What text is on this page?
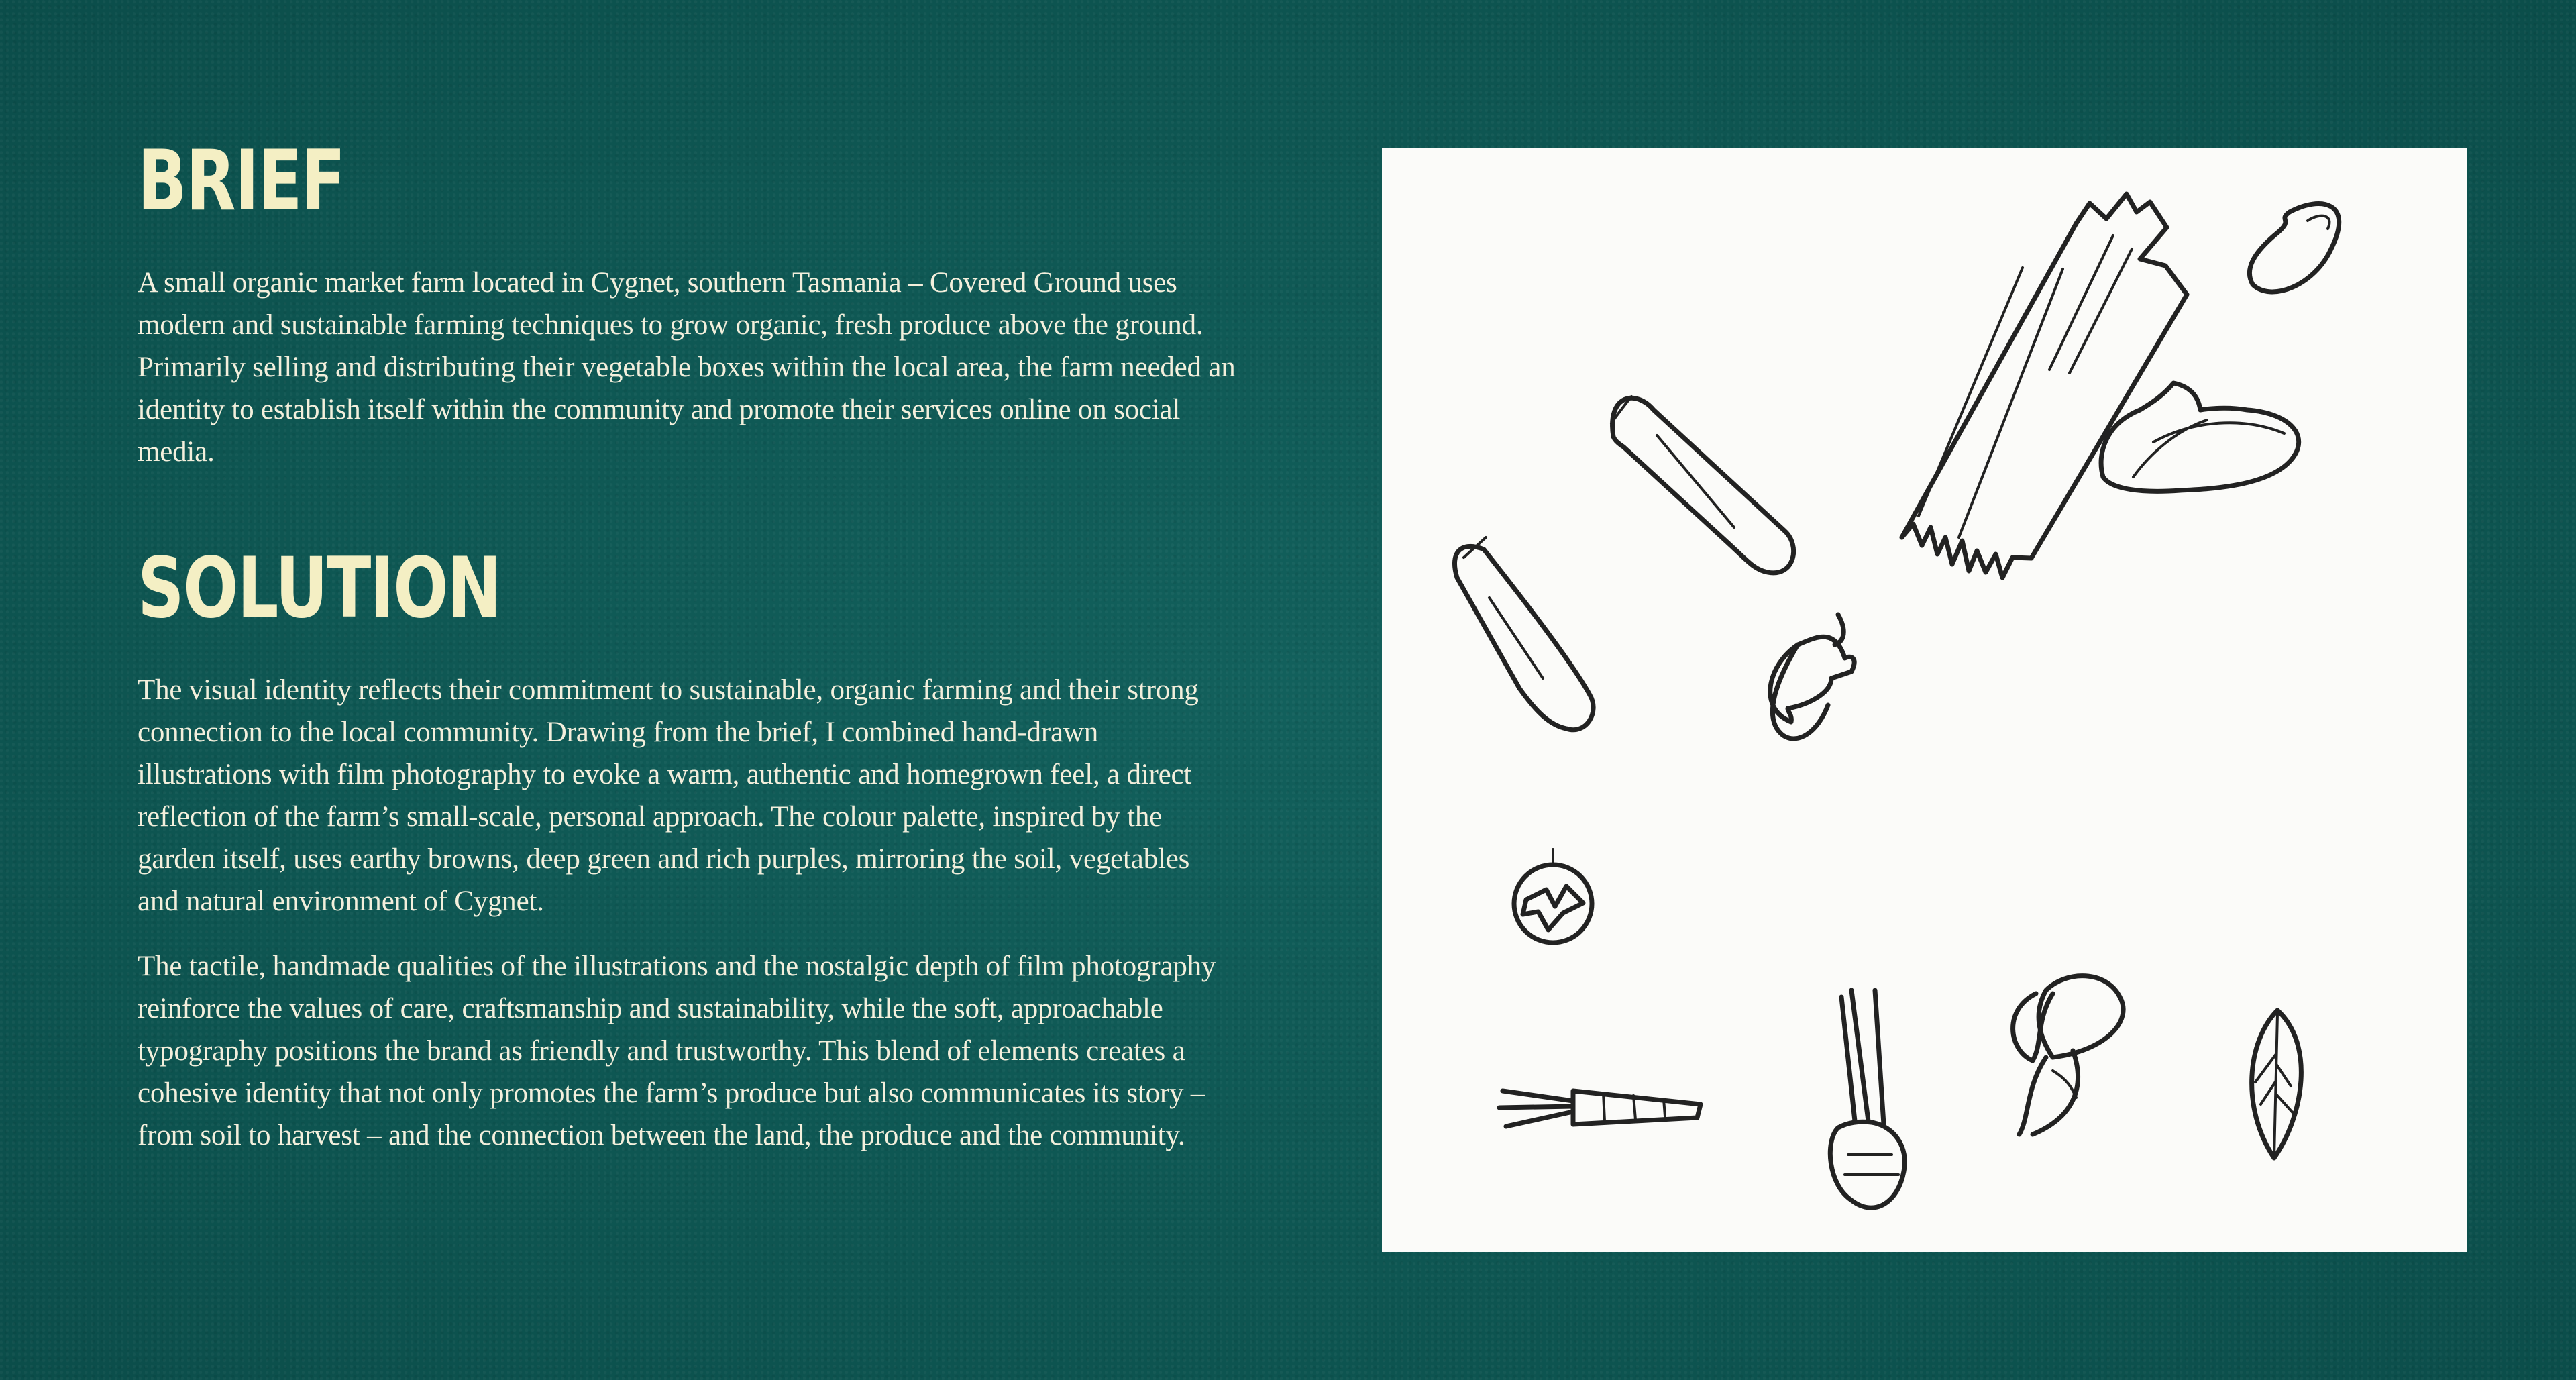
BRIEF

A small organic market farm located in Cygnet, southern Tasmania – Covered Ground uses modern and sustainable farming techniques to grow organic, fresh produce above the ground. Primarily selling and distributing their vegetable boxes within the local area, the farm needed an identity to establish itself within the community and promote their services online on social media.

SOLUTION

The visual identity reflects their commitment to sustainable, organic farming and their strong connection to the local community. Drawing from the brief, I combined hand-drawn illustrations with film photography to evoke a warm, authentic and homegrown feel, a direct reflection of the farm’s small-scale, personal approach. The colour palette, inspired by the garden itself, uses earthy browns, deep green and rich purples, mirroring the soil, vegetables and natural environment of Cygnet.

The tactile, handmade qualities of the illustrations and the nostalgic depth of film photography reinforce the values of care, craftsmanship and sustainability, while the soft, approachable typography positions the brand as friendly and trustworthy. This blend of elements creates a cohesive identity that not only promotes the farm’s produce but also communicates its story – from soil to harvest – and the connection between the land, the produce and the community.
